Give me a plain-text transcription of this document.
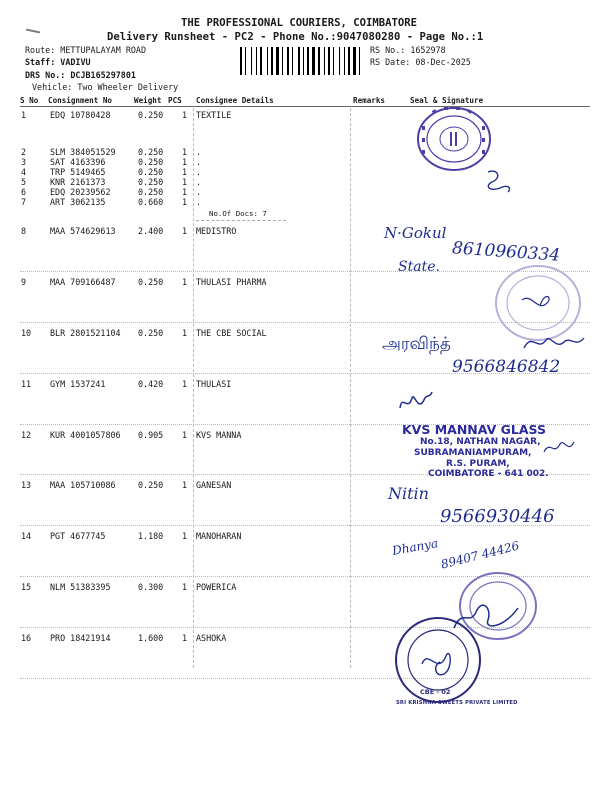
THE PROFESSIONAL COURIERS, COIMBATORE
Delivery Runsheet - PC2 - Phone No.:9047080280 - Page No.:1
Route: METTUPALAYAM ROAD
Staff: VADIVU
DRS No.: DCJB165297801
Vehicle: Two Wheeler Delivery
RS No.: 1652978
RS Date: 08-Dec-2025
S No Consignment No	Weight PCS Consignee Details	Remarks	Seal & Signature
1	EDQ 10780428	0.250 1 TEXTILE
2	SLM 384051529	0.250 1 .
3	SAT 4163396	0.250 1 .
4	TRP 5149465	0.250 1 .
5	KNR 2161373	0.250 1 .
6	EDQ 20239562	0.250 1 .
7	ART 3062135	0.660 1 .
No.Of Docs: 7
8	MAA 574629613	2.400 1 MEDISTRO
9	MAA 709166487	0.250 1 THULASI PHARMA
10 BLR 2801521104 0.250 1 THE CBE SOCIAL
11 GYM 1537241	0.420 1 THULASI
12 KUR 4001057806 0.905 1 KVS MANNA
13 MAA 105710086	0.250 1 GANESAN
14 PGT 4677745	1.180 1 MANOHARAN
15 NLM 51383395	0.300 1 POWERICA
16 PRO 18421914	1.600 1 ASHOKA
N·Gokul
8610960334
State.
அரவிந்த்
9566846842
KVS MANNAV GLASS
No.18, NATHAN NAGAR,
SUBRAMANIAMPURAM,
R.S. PURAM,
COIMBATORE - 641 002.
Nitin
9566930446
Dhanya 89407 44426
CBE - 02
SRI KRISHNA SWEETS PRIVATE LIMITED
